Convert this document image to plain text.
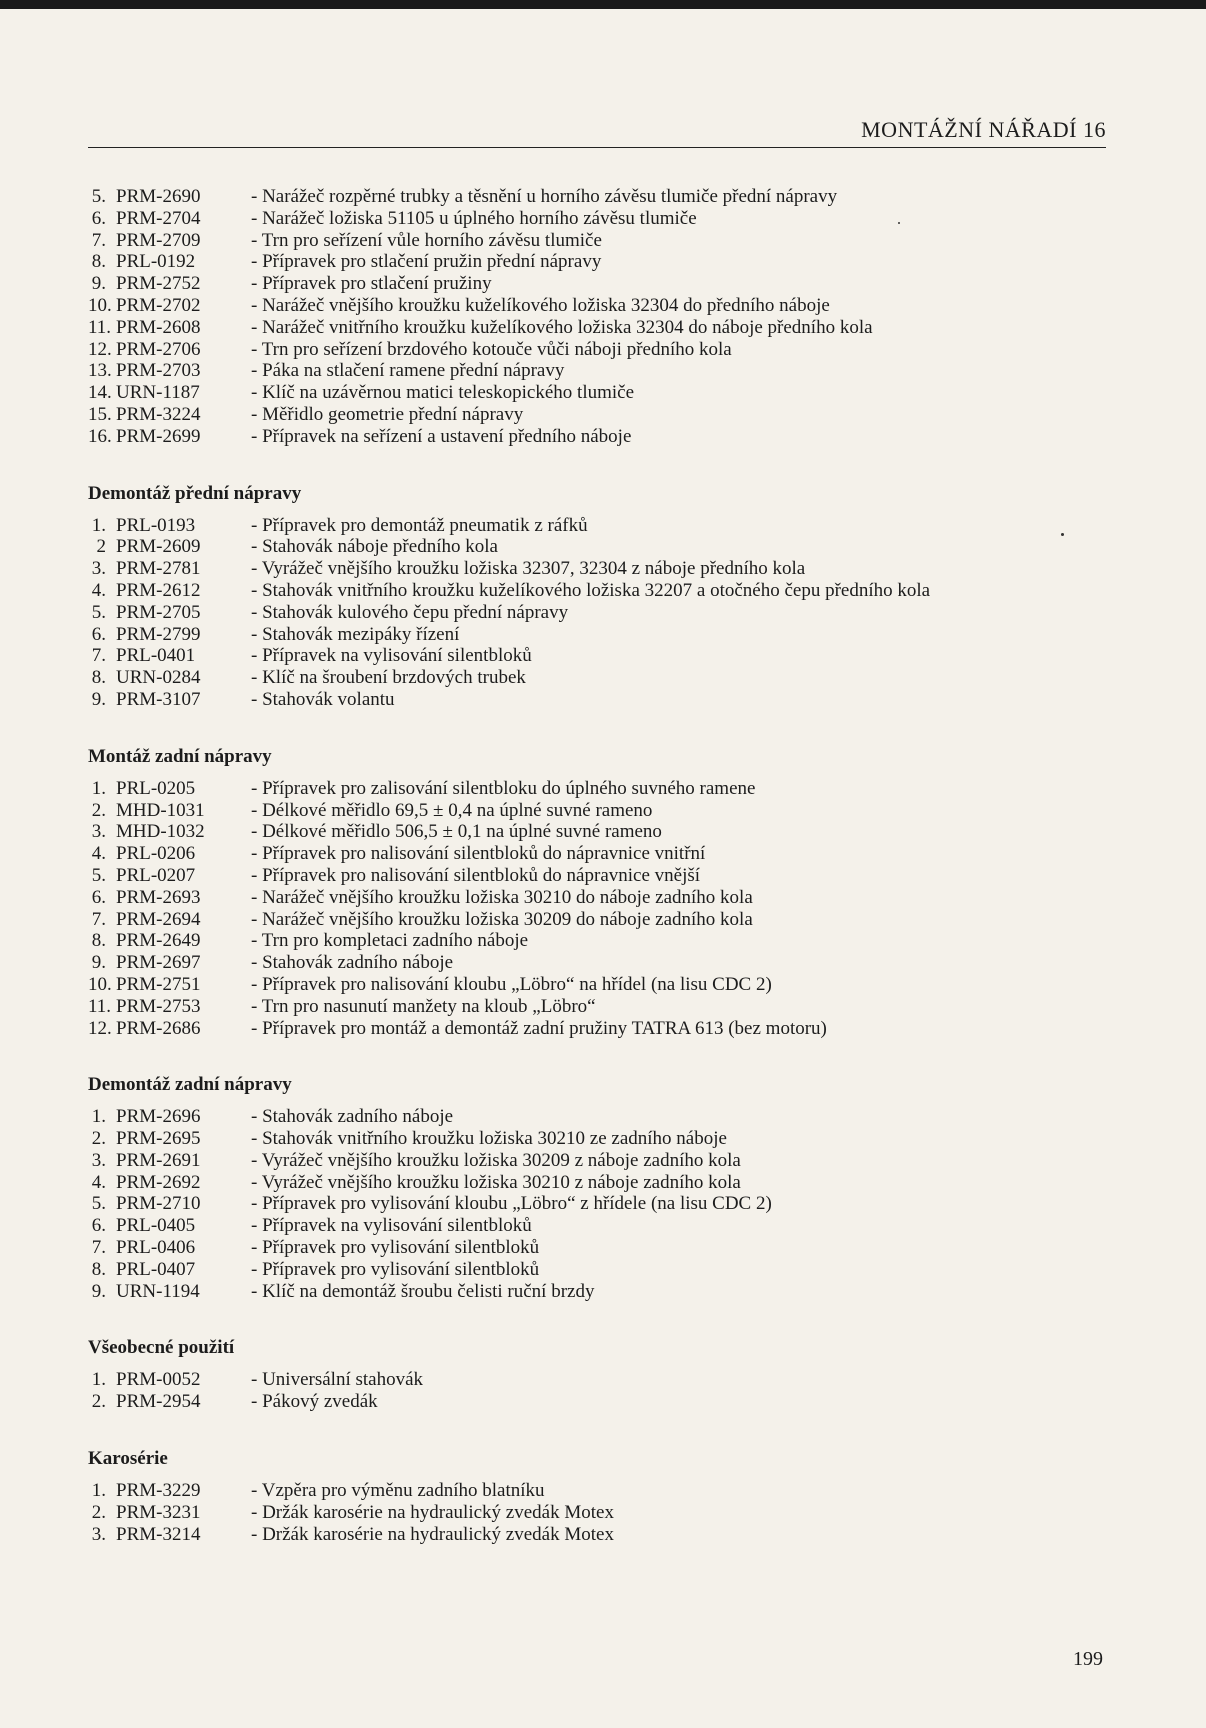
MONTÁŽNÍ NÁŘADÍ 16
5. PRM-2690	- Narážeč rozpěrné trubky a těsnění u horního závěsu tlumiče přední nápravy
6. PRM-2704	- Narážeč ložiska 51105 u úplného horního závěsu tlumiče
7. PRM-2709	- Trn pro seřízení vůle horního závěsu tlumiče
8. PRL-0192	- Přípravek pro stlačení pružin přední nápravy
9. PRM-2752	- Přípravek pro stlačení pružiny
10. PRM-2702	- Narážeč vnějšího kroužku kuželíkového ložiska 32304 do předního náboje
11. PRM-2608	- Narážeč vnitřního kroužku kuželíkového ložiska 32304 do náboje předního kola
12. PRM-2706	- Trn pro seřízení brzdového kotouče vůči náboji předního kola
13. PRM-2703	- Páka na stlačení ramene přední nápravy
14. URN-1187	- Klíč na uzávěrnou matici teleskopického tlumiče
15. PRM-3224	- Měřidlo geometrie přední nápravy
16. PRM-2699	- Přípravek na seřízení a ustavení předního náboje
Demontáž přední nápravy
1. PRL-0193	- Přípravek pro demontáž pneumatik z ráfků
2 PRM-2609	- Stahovák náboje předního kola
3. PRM-2781	- Vyrážeč vnějšího kroužku ložiska 32307, 32304 z náboje předního kola
4. PRM-2612	- Stahovák vnitřního kroužku kuželíkového ložiska 32207 a otočného čepu předního kola
5. PRM-2705	- Stahovák kulového čepu přední nápravy
6. PRM-2799	- Stahovák mezipáky řízení
7. PRL-0401	- Přípravek na vylisování silentbloků
8. URN-0284	- Klíč na šroubení brzdových trubek
9. PRM-3107	- Stahovák volantu
Montáž zadní nápravy
1. PRL-0205	- Přípravek pro zalisování silentbloku do úplného suvného ramene
2. MHD-1031	- Délkové měřidlo 69,5 ± 0,4 na úplné suvné rameno
3. MHD-1032	- Délkové měřidlo 506,5 ± 0,1 na úplné suvné rameno
4. PRL-0206	- Přípravek pro nalisování silentbloků do nápravnice vnitřní
5. PRL-0207	- Přípravek pro nalisování silentbloků do nápravnice vnější
6. PRM-2693	- Narážeč vnějšího kroužku ložiska 30210 do náboje zadního kola
7. PRM-2694	- Narážeč vnějšího kroužku ložiska 30209 do náboje zadního kola
8. PRM-2649	- Trn pro kompletaci zadního náboje
9. PRM-2697	- Stahovák zadního náboje
10. PRM-2751	- Přípravek pro nalisování kloubu „Löbro“ na hřídel (na lisu CDC 2)
11. PRM-2753	- Trn pro nasunutí manžety na kloub „Löbro“
12. PRM-2686	- Přípravek pro montáž a demontáž zadní pružiny TATRA 613 (bez motoru)
Demontáž zadní nápravy
1. PRM-2696	- Stahovák zadního náboje
2. PRM-2695	- Stahovák vnitřního kroužku ložiska 30210 ze zadního náboje
3. PRM-2691	- Vyrážeč vnějšího kroužku ložiska 30209 z náboje zadního kola
4. PRM-2692	- Vyrážeč vnějšího kroužku ložiska 30210 z náboje zadního kola
5. PRM-2710	- Přípravek pro vylisování kloubu „Löbro“ z hřídele (na lisu CDC 2)
6. PRL-0405	- Přípravek na vylisování silentbloků
7. PRL-0406	- Přípravek pro vylisování silentbloků
8. PRL-0407	- Přípravek pro vylisování silentbloků
9. URN-1194	- Klíč na demontáž šroubu čelisti ruční brzdy
Všeobecné použití
1. PRM-0052	- Universální stahovák
2. PRM-2954	- Pákový zvedák
Karosérie
1. PRM-3229	- Vzpěra pro výměnu zadního blatníku
2. PRM-3231	- Držák karosérie na hydraulický zvedák Motex
3. PRM-3214	- Držák karosérie na hydraulický zvedák Motex
199
